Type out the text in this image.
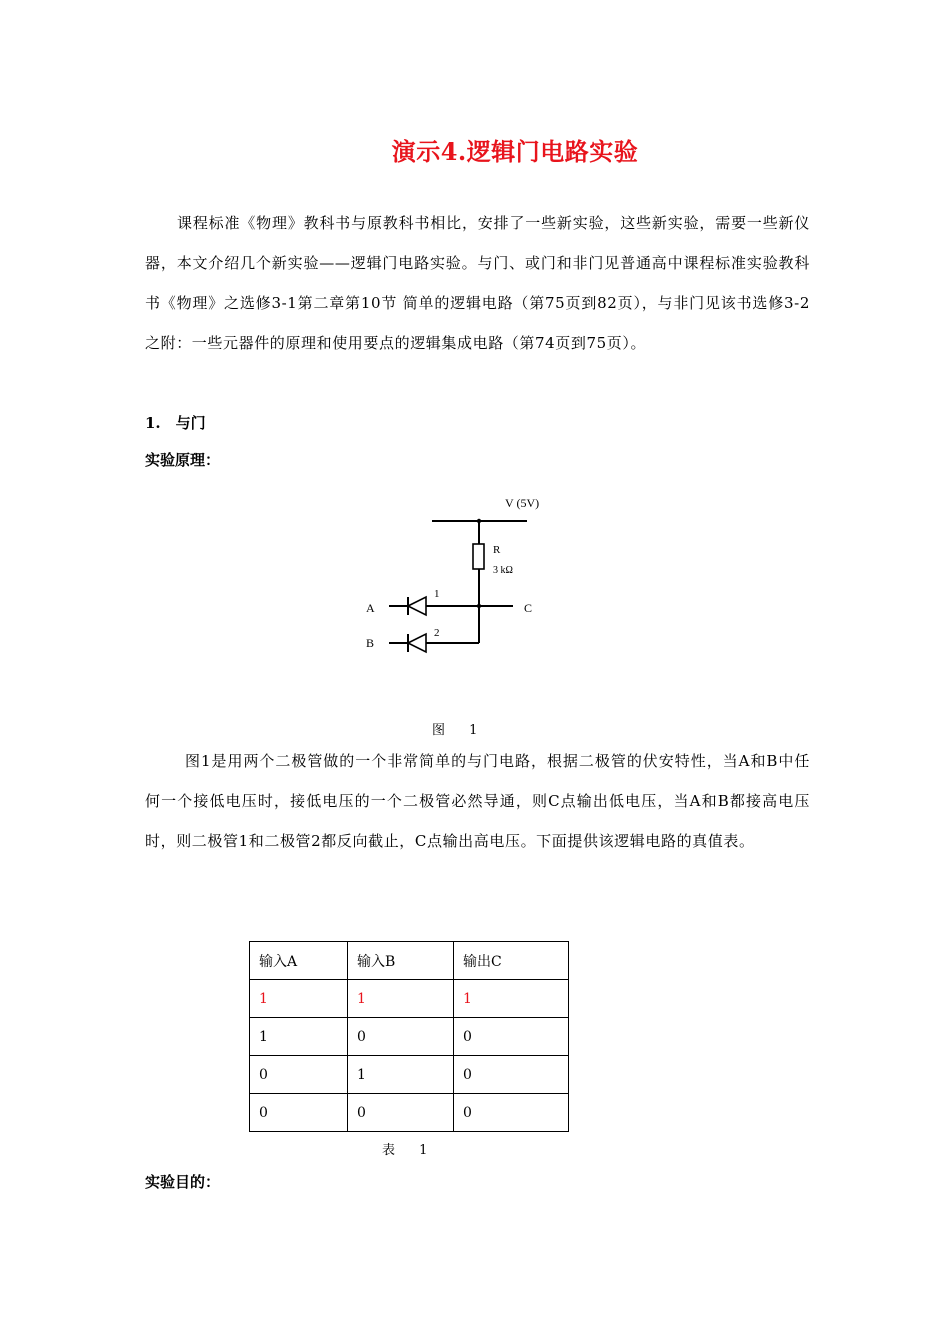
演示4.逻辑门电路实验

课程标准《物理》教科书与原教科书相比，安排了一些新实验，这些新实验，需要一些新仪器，本文介绍几个新实验——逻辑门电路实验。与门、或门和非门见普通高中课程标准实验教科书《物理》之选修3-1第二章第10节 简单的逻辑电路（第75页到82页），与非门见该书选修3-2之附：一些元器件的原理和使用要点的逻辑集成电路（第74页到75页）。

1.　与门

实验原理：

V (5V)
R
3 kΩ
C
1
A
2
B
图 1

图1是用两个二极管做的一个非常简单的与门电路，根据二极管的伏安特性，当A和B中任何一个接低电压时，接低电压的一个二极管必然导通，则C点输出低电压，当A和B都接高电压时，则二极管1和二极管2都反向截止，C点输出高电压。下面提供该逻辑电路的真值表。

输入A	输入B	输出C
1	1	1
1	0	0
0	1	0
0	0	0
表 1

实验目的：
